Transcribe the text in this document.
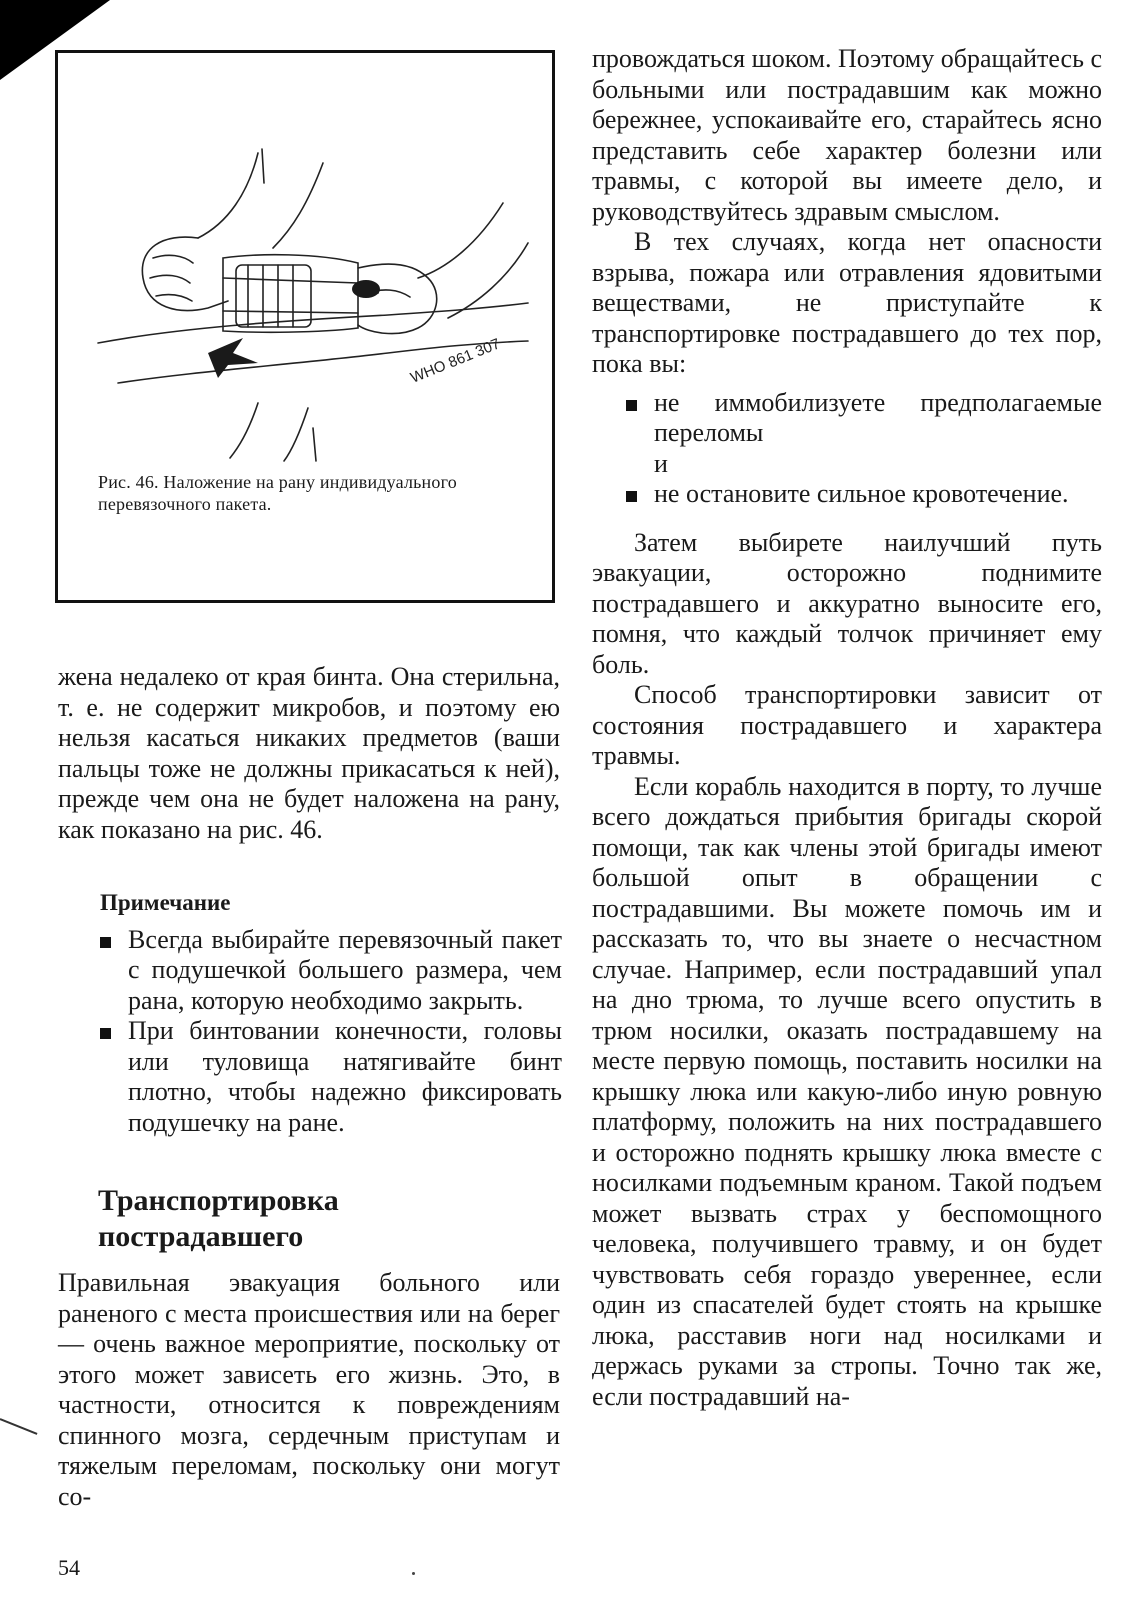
WHO 861 307
Рис. 46. Наложение на рану индивидуального перевязочного пакета.

жена недалеко от края бинта. Она стерильна, т. е. не содержит микробов, и поэтому ею нельзя касаться никаких предметов (ваши пальцы тоже не должны прикасаться к ней), прежде чем она не будет наложена на рану, как показано на рис. 46.

Примечание

Всегда выбирайте перевязочный пакет с подушечкой большего размера, чем рана, которую необходимо закрыть.
При бинтовании конечности, головы или туловища натягивайте бинт плотно, чтобы надежно фиксировать подушечку на ране.
Транспортировка пострадавшего

Правильная эвакуация больного или раненого с места происшествия или на берег — очень важное мероприятие, поскольку от этого может зависеть его жизнь. Это, в частности, относится к повреждениям спинного мозга, сердечным приступам и тяжелым переломам, поскольку они могут со-

провождаться шоком. Поэтому обращайтесь с больными или пострадавшим как можно бережнее, успокаивайте его, старайтесь ясно представить себе характер болезни или травмы, с которой вы имеете дело, и руководствуйтесь здравым смыслом.

В тех случаях, когда нет опасности взрыва, пожара или отравления ядовитыми веществами, не приступайте к транспортировке пострадавшего до тех пор, пока вы:

не иммобилизуете предполагаемые переломы
и
не остановите сильное кровотечение.

Затем выбирете наилучший путь эвакуации, осторожно поднимите пострадавшего и аккуратно выносите его, помня, что каждый толчок причиняет ему боль.

Способ транспортировки зависит от состояния пострадавшего и характера травмы.

Если корабль находится в порту, то лучше всего дождаться прибытия бригады скорой помощи, так как члены этой бригады имеют большой опыт в обращении с пострадавшими. Вы можете помочь им и рассказать то, что вы знаете о несчастном случае. Например, если пострадавший упал на дно трюма, то лучше всего опустить в трюм носилки, оказать пострадавшему на месте первую помощь, поставить носилки на крышку люка или какую-либо иную ровную платформу, положить на них пострадавшего и осторожно поднять крышку люка вместе с носилками подъемным краном. Такой подъем может вызвать страх у беспомощного человека, получившего травму, и он будет чувствовать себя гораздо увереннее, если один из спасателей будет стоять на крышке люка, расставив ноги над носилками и держась руками за стропы. Точно так же, если пострадавший на-

54
